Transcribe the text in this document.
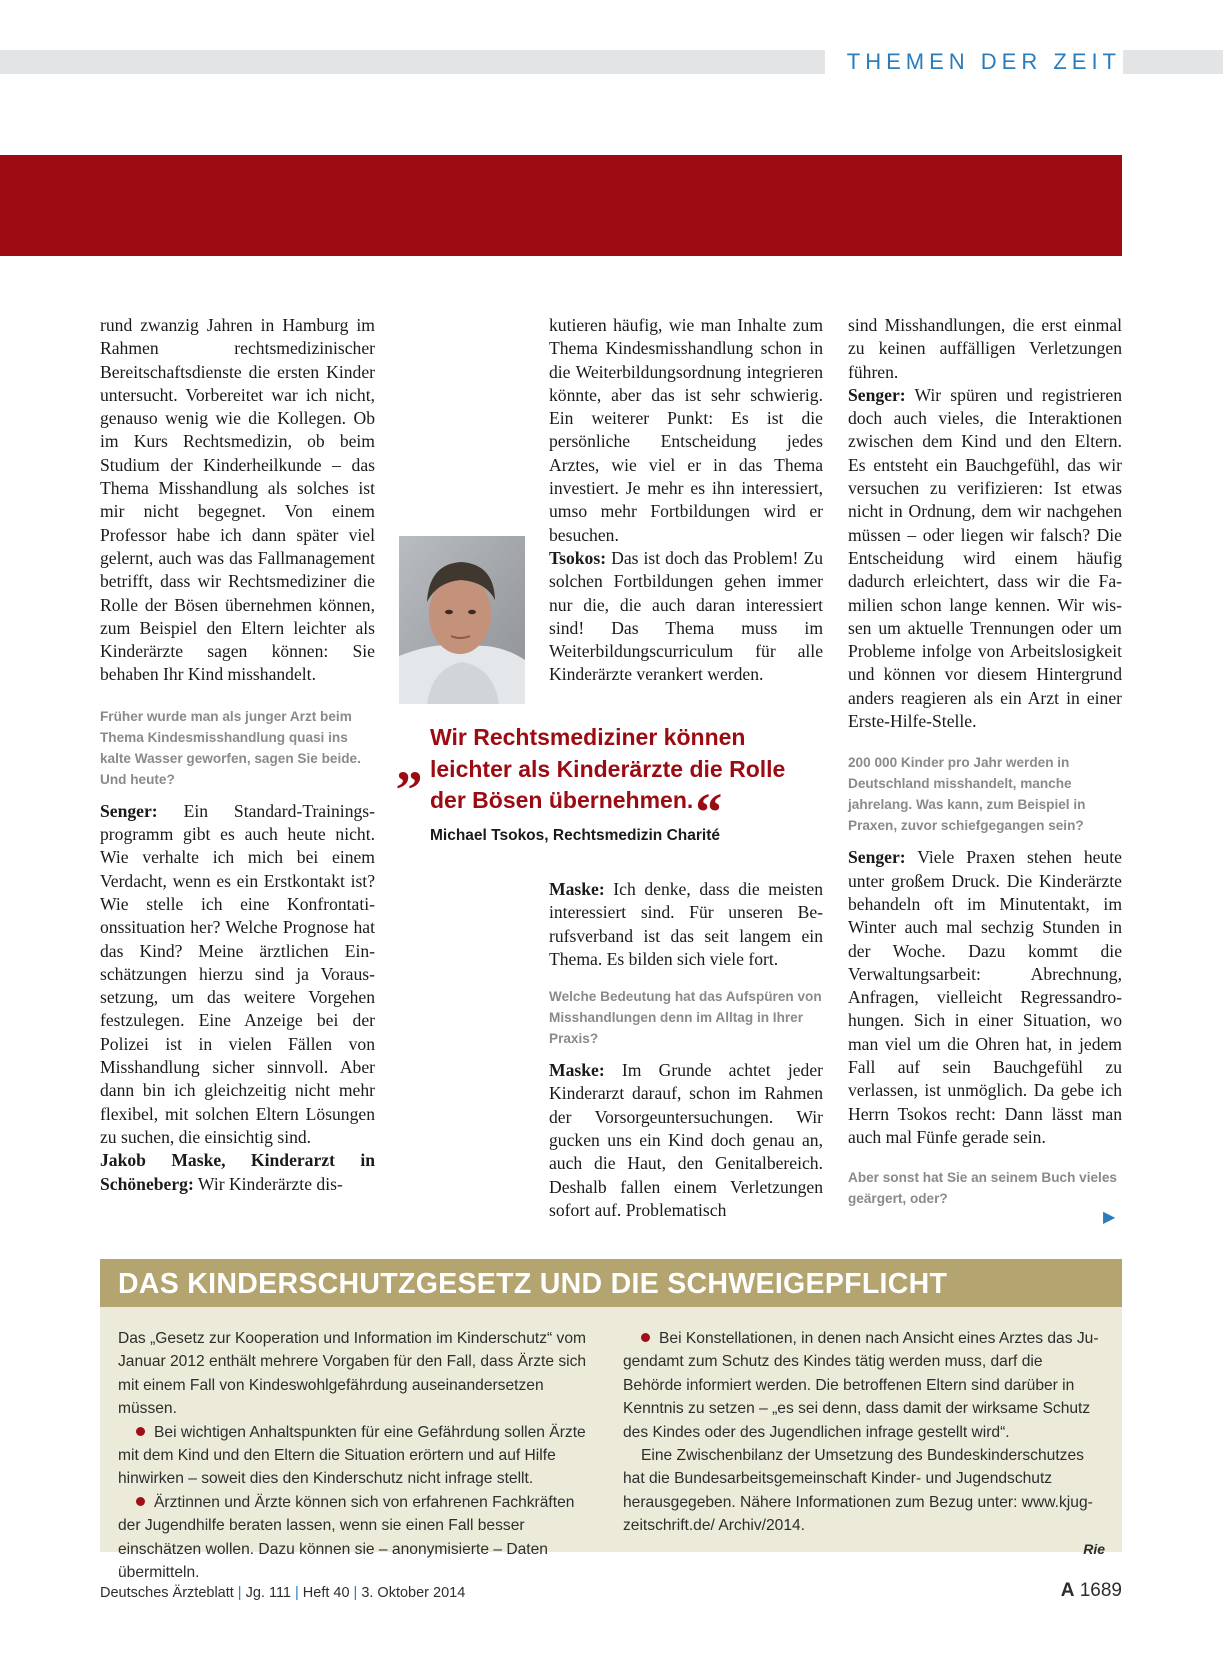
THEMEN DER ZEIT

rund zwanzig Jahren in Hamburg im Rahmen rechtsmedizinischer Bereitschaftsdienste die ersten Kinder untersucht. Vorbereitet war ich nicht, genauso wenig wie die Kollegen. Ob im Kurs Rechtsmedizin, ob beim Studium der Kinderheilkunde – das Thema Misshandlung als solches ist mir nicht begegnet. Von einem Professor habe ich dann später viel gelernt, auch was das Fallmanagement betrifft, dass wir Rechtsmediziner die Rolle der Bösen übernehmen können, zum Beispiel den Eltern leichter als Kinderärzte sagen können: Sie behaben Ihr Kind misshandelt.

Früher wurde man als junger Arzt beim Thema Kindesmisshandlung quasi ins kalte Wasser geworfen, sagen Sie beide. Und heute?

Senger: Ein Standard-Trainingsprogramm gibt es auch heute nicht. Wie verhalte ich mich bei einem Verdacht, wenn es ein Erstkontakt ist? Wie stelle ich eine Konfrontationssituation her? Welche Prognose hat das Kind? Meine ärztlichen Einschätzungen hierzu sind ja Voraussetzung, um das weitere Vorgehen festzulegen. Eine Anzeige bei der Polizei ist in vielen Fällen von Misshandlung sicher sinnvoll. Aber dann bin ich gleichzeitig nicht mehr flexibel, mit solchen Eltern Lösungen zu suchen, die einsichtig sind.

Jakob Maske, Kinderarzt in Schöneberg: Wir Kinderärzte dis-

kutieren häufig, wie man Inhalte zum Thema Kindesmisshandlung schon in die Weiterbildungsordnung integrieren könnte, aber das ist sehr schwierig. Ein weiterer Punkt: Es ist die persönliche Entscheidung jedes Arztes, wie viel er in das Thema investiert. Je mehr es ihn interessiert, umso mehr Fortbildungen wird er besuchen.

Tsokos: Das ist doch das Problem! Zu solchen Fortbildungen gehen immer nur die, die auch daran interessiert sind! Das Thema muss im Weiterbildungscurriculum für alle Kinderärzte verankert werden.

„ Wir Rechtsmediziner können leichter als Kinderärzte die Rolle der Bösen übernehmen.“
Michael Tsokos, Rechtsmedizin Charité

Maske: Ich denke, dass die meisten interessiert sind. Für unseren Berufsverband ist das seit langem ein Thema. Es bilden sich viele fort.

Welche Bedeutung hat das Aufspüren von Misshandlungen denn im Alltag in Ihrer Praxis?

Maske: Im Grunde achtet jeder Kinderarzt darauf, schon im Rahmen der Vorsorgeuntersuchungen. Wir gucken uns ein Kind doch genau an, auch die Haut, den Genitalbereich. Deshalb fallen einem Verletzungen sofort auf. Problematisch

sind Misshandlungen, die erst einmal zu keinen auffälligen Verletzungen führen.

Senger: Wir spüren und registrieren doch auch vieles, die Interaktionen zwischen dem Kind und den Eltern. Es entsteht ein Bauchgefühl, das wir versuchen zu verifizieren: Ist etwas nicht in Ordnung, dem wir nachgehen müssen – oder liegen wir falsch? Die Entscheidung wird einem häufig dadurch erleichtert, dass wir die Familien schon lange kennen. Wir wissen um aktuelle Trennungen oder um Probleme infolge von Arbeitslosigkeit und können vor diesem Hintergrund anders reagieren als ein Arzt in einer Erste-Hilfe-Stelle.

200 000 Kinder pro Jahr werden in Deutschland misshandelt, manche jahrelang. Was kann, zum Beispiel in Praxen, zuvor schiefgegangen sein?

Senger: Viele Praxen stehen heute unter großem Druck. Die Kinderärzte behandeln oft im Minutentakt, im Winter auch mal sechzig Stunden in der Woche. Dazu kommt die Verwaltungsarbeit: Abrechnung, Anfragen, vielleicht Regressandrohungen. Sich in einer Situation, wo man viel um die Ohren hat, in jedem Fall auf sein Bauchgefühl zu verlassen, ist unmöglich. Da gebe ich Herrn Tsokos recht: Dann lässt man auch mal Fünfe gerade sein.

Aber sonst hat Sie an seinem Buch vieles geärgert, oder?

▶
DAS KINDERSCHUTZGESETZ UND DIE SCHWEIGEPFLICHT

Das „Gesetz zur Kooperation und Information im Kinderschutz“ vom Januar 2012 enthält mehrere Vorgaben für den Fall, dass Ärzte sich mit einem Fall von Kindeswohlgefährdung auseinandersetzen müssen.

Bei wichtigen Anhaltspunkten für eine Gefährdung sollen Ärzte mit dem Kind und den Eltern die Situation erörtern und auf Hilfe hinwirken – soweit dies den Kinderschutz nicht infrage stellt.

Ärztinnen und Ärzte können sich von erfahrenen Fachkräften der Jugendhilfe beraten lassen, wenn sie einen Fall besser einschätzen wollen. Dazu können sie – anonymisierte – Daten übermitteln.

Bei Konstellationen, in denen nach Ansicht eines Arztes das Jugendamt zum Schutz des Kindes tätig werden muss, darf die Behörde informiert werden. Die betroffenen Eltern sind darüber in Kenntnis zu setzen – „es sei denn, dass damit der wirksame Schutz des Kindes oder des Jugendlichen infrage gestellt wird“.

Eine Zwischenbilanz der Umsetzung des Bundeskinderschutzes hat die Bundesarbeitsgemeinschaft Kinder- und Jugendschutz herausgegeben. Nähere Informationen zum Bezug unter: www.kjug-zeitschrift.de/ Archiv/2014.

Rie

Deutsches Ärzteblatt | Jg. 111 | Heft 40 | 3. Oktober 2014	A 1689
